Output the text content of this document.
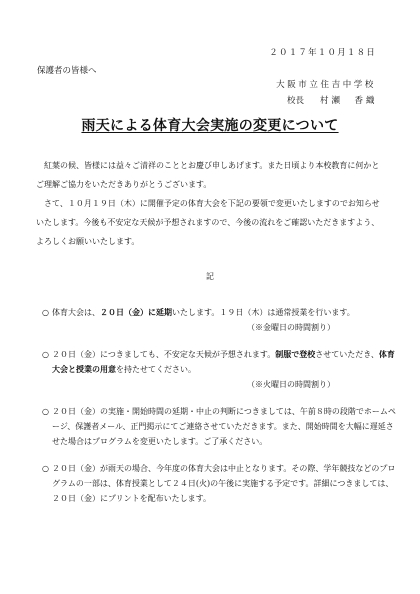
２０１７年１０月１８日
保護者の皆様へ
大阪市立住吉中学校
校長 村瀬　香織
雨天による体育大会実施の変更について

紅葉の候、皆様には益々ご清祥のこととお慶び申しあげます。また日頃より本校教育に何かとご理解ご協力をいただきありがとうございます。

さて、１０月１９日（木）に開催予定の体育大会を下記の要領で変更いたしますのでお知らせいたします。今後も不安定な天候が予想されますので、今後の流れをご確認いただきますよう、よろしくお願いいたします。

記
○ 体育大会は、２０日（金）に延期いたします。１９日（木）は通常授業を行います。
（※金曜日の時間割り）
○ ２０日（金）につきましても、不安定な天候が予想されます。制服で登校させていただき、体育大会と授業の用意を持たせてください。
（※火曜日の時間割り）
○ ２０日（金）の実施・開始時間の延期・中止の判断につきましては、午前８時の段階でホームページ、保護者メール、正門掲示にてご連絡させていただきます。また、開始時間を大幅に遅延させた場合はプログラムを変更いたします。ご了承ください。
○ ２０日（金）が雨天の場合、今年度の体育大会は中止となります。その際、学年競技などのプログラムの一部は、体育授業として２４日(火)の午後に実施する予定です。詳細につきましては、２０日（金）にプリントを配布いたします。
